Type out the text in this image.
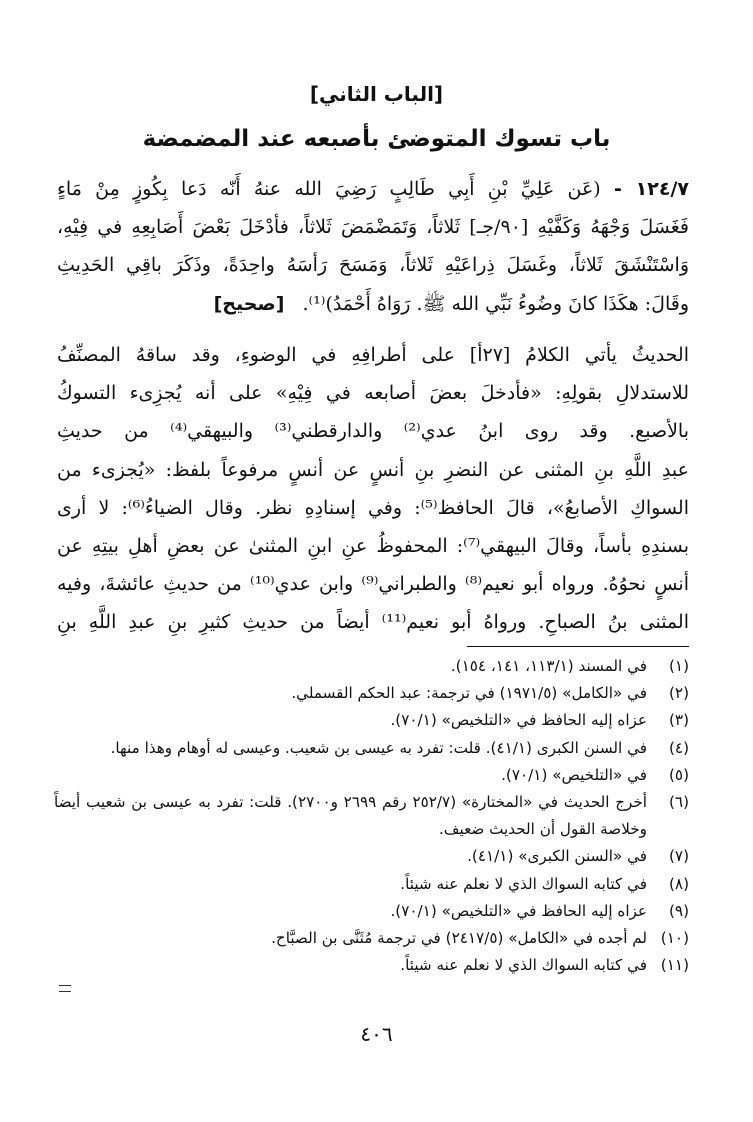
[الباب الثاني]
باب تسوك المتوضئ بأصبعه عند المضمضة

١٢٤/٧ - (عَن عَلِيِّ بْنِ أَبِي طَالِبٍ رَضِيَ الله عنهُ أَنّه دَعا بِكُوزٍ مِنْ مَاءٍ

فَغَسَلَ وَجْهَهُ وَكَفَّيْهِ [٩٠/جـ] ثَلاثاً، وَتَمَضْمَضَ ثَلاثاً، فأدْخَلَ بَعْضَ أَصَابِعِهِ في فِيْهِ،

وَاسْتَنْشَقَ ثَلاثاً، وغَسَلَ ذِراعَيْهِ ثَلاثاً، وَمَسَحَ رَأسَهُ واحِدَةً، وذَكَرَ باقِي الحَدِيثِ

وقَالَ: هكَذَا كانَ وضُوءُ نَبِّي الله ﷺ. رَوَاهُ أَحْمَدُ)⁽¹⁾.[صحيح]

الحديثُ يأتي الكلامُ [٢٧أ] على أطرافِهِ في الوضوءِ، وقد ساقهُ المصنِّفُ

للاستدلالِ بقولِهِ: «فأدخلَ بعضَ أصابعه في فِيْهِ» على أنه يُجزِىء التسوكُ

بالأصبع. وقد روى ابنُ عدي⁽²⁾ والدارقطني⁽³⁾ والبيهقي⁽⁴⁾ من حديثِ

عبدِ اللَّهِ بنِ المثنى عن النضرِ بنِ أنسٍ عن أنسٍ مرفوعاً بلفظ: «يُجزىء من

السواكِ الأصابعُ»، قالَ الحافظ⁽⁵⁾: وفي إسنادِهِ نظر. وقال الضياءُ⁽⁶⁾: لا أرى

بسندِهِ بأساً، وقالَ البيهقي⁽⁷⁾: المحفوظُ عنِ ابنِ المثنىٰ عن بعضِ أهلِ بيتِهِ عن

أنسٍ نحوُهُ. ورواه أبو نعيم⁽⁸⁾ والطبراني⁽⁹⁾ وابن عدي⁽¹⁰⁾ من حديثِ عائشةَ، وفيه

المثنى بنُ الصباحِ. ورواهُ أبو نعيم⁽¹¹⁾ أيضاً من حديثِ كثيرِ بنِ عبدِ اللَّهِ بنِ

(١)
في المسند (١١٣/١، ١٤١، ١٥٤).
(٢)
في «الكامل» (١٩٧١/٥) في ترجمة: عبد الحكم القسملي.
(٣)
عزاه إليه الحافظ في «التلخيص» (٧٠/١).
(٤)
في السنن الكبرى (٤١/١). قلت: تفرد به عيسى بن شعيب. وعيسى له أوهام وهذا منها.
(٥)
في «التلخيص» (٧٠/١).
(٦)
أخرج الحديث في «المختارة» (٢٥٢/٧ رقم ٢٦٩٩ و٢٧٠٠). قلت: تفرد به عيسى بن شعيب أيضاً وخلاصة القول أن الحديث ضعيف.
(٧)
في «السنن الكبرى» (٤١/١).
(٨)
في كتابه السواك الذي لا نعلم عنه شيئاً.
(٩)
عزاه إليه الحافظ في «التلخيص» (٧٠/١).
(١٠)
لم أجده في «الكامل» (٢٤١٧/٥) في ترجمة مُثَنَّى بن الصبَّاح.
(١١)
في كتابه السواك الذي لا نعلم عنه شيئاً.
٤٠٦
